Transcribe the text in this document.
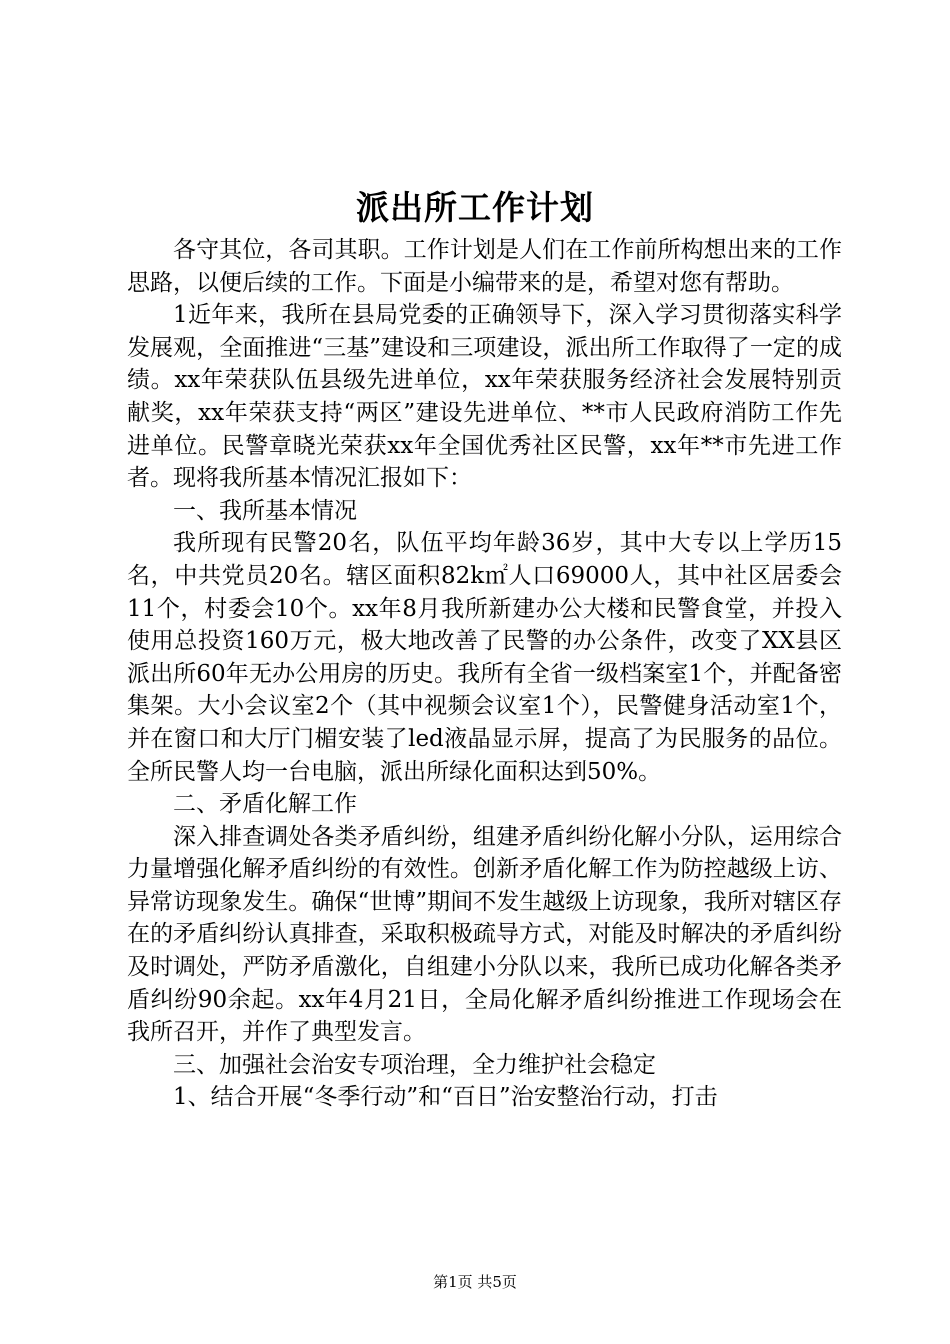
派出所工作计划

各守其位，各司其职。工作计划是人们在工作前所构想出来的工作思路，以便后续的工作。下面是小编带来的是，希望对您有帮助。

1近年来，我所在县局党委的正确领导下，深入学习贯彻落实科学发展观，全面推进“三基”建设和三项建设，派出所工作取得了一定的成绩。xx年荣获队伍县级先进单位，xx年荣获服务经济社会发展特别贡献奖，xx年荣获支持“两区”建设先进单位、**市人民政府消防工作先进单位。民警章晓光荣获xx年全国优秀社区民警，xx年**市先进工作者。现将我所基本情况汇报如下：

一、我所基本情况

我所现有民警20名，队伍平均年龄36岁，其中大专以上学历15名，中共党员20名。辖区面积82k㎡人口69000人，其中社区居委会11个，村委会10个。xx年8月我所新建办公大楼和民警食堂，并投入使用总投资160万元，极大地改善了民警的办公条件，改变了XX县区派出所60年无办公用房的历史。我所有全省一级档案室1个，并配备密集架。大小会议室2个（其中视频会议室1个），民警健身活动室1个，并在窗口和大厅门楣安装了led液晶显示屏，提高了为民服务的品位。全所民警人均一台电脑，派出所绿化面积达到50%。

二、矛盾化解工作

深入排查调处各类矛盾纠纷，组建矛盾纠纷化解小分队，运用综合力量增强化解矛盾纠纷的有效性。创新矛盾化解工作为防控越级上访、异常访现象发生。确保“世博”期间不发生越级上访现象，我所对辖区存在的矛盾纠纷认真排查，采取积极疏导方式，对能及时解决的矛盾纠纷及时调处，严防矛盾激化，自组建小分队以来，我所已成功化解各类矛盾纠纷90余起。xx年4月21日，全局化解矛盾纠纷推进工作现场会在我所召开，并作了典型发言。

三、加强社会治安专项治理，全力维护社会稳定

1、结合开展“冬季行动”和“百日”治安整治行动，打击

第1页 共5页
